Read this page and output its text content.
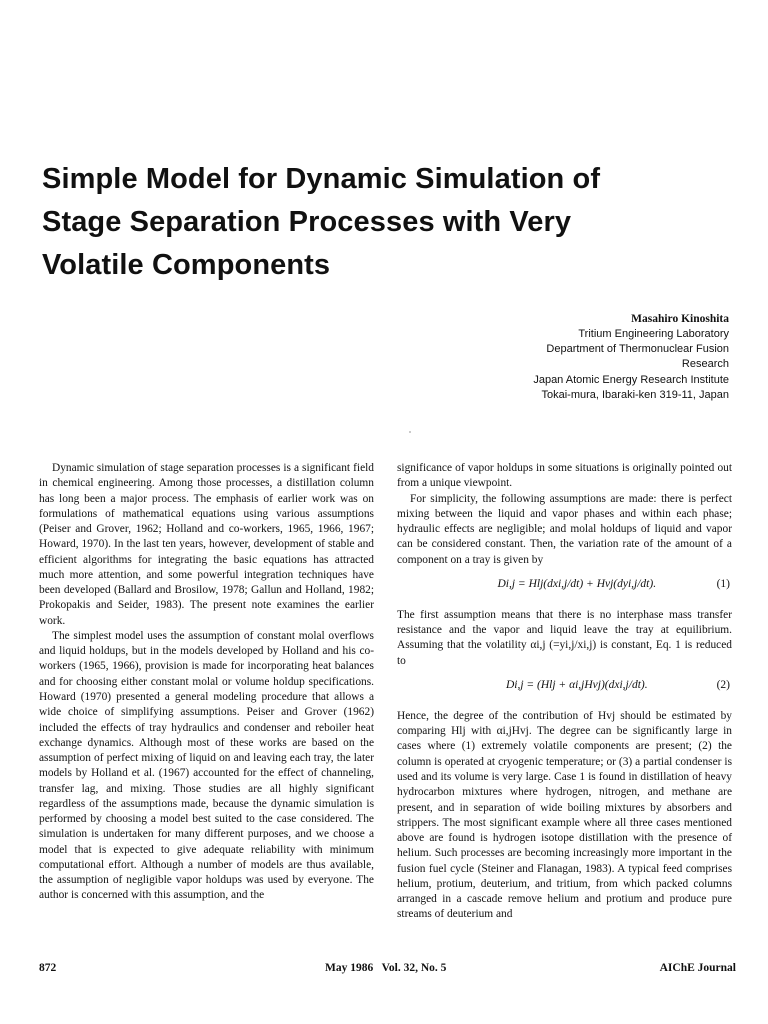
Simple Model for Dynamic Simulation of
Stage Separation Processes with Very
Volatile Components
Masahiro Kinoshita
Tritium Engineering Laboratory
Department of Thermonuclear Fusion
Research
Japan Atomic Energy Research Institute
Tokai-mura, Ibaraki-ken 319-11, Japan

Dynamic simulation of stage separation processes is a significant field in chemical engineering. Among those processes, a distillation column has long been a major process. The emphasis of earlier work was on formulations of mathematical equations using various assumptions (Peiser and Grover, 1962; Holland and co-workers, 1965, 1966, 1967; Howard, 1970). In the last ten years, however, development of stable and efficient algorithms for integrating the basic equations has attracted much more attention, and some powerful integration techniques have been developed (Ballard and Brosilow, 1978; Gallun and Holland, 1982; Prokopakis and Seider, 1983). The present note examines the earlier work.

The simplest model uses the assumption of constant molal overflows and liquid holdups, but in the models developed by Holland and his co-workers (1965, 1966), provision is made for incorporating heat balances and for choosing either constant molal or volume holdup specifications. Howard (1970) presented a general modeling procedure that allows a wide choice of simplifying assumptions. Peiser and Grover (1962) included the effects of tray hydraulics and condenser and reboiler heat exchange dynamics. Although most of these works are based on the assumption of perfect mixing of liquid on and leaving each tray, the later models by Holland et al. (1967) accounted for the effect of channeling, transfer lag, and mixing. Those studies are all highly significant regardless of the assumptions made, because the dynamic simulation is performed by choosing a model best suited to the case considered. The simulation is undertaken for many different purposes, and we choose a model that is expected to give adequate reliability with minimum computational effort. Although a number of models are thus available, the assumption of negligible vapor holdups was used by everyone. The author is concerned with this assumption, and the

significance of vapor holdups in some situations is originally pointed out from a unique viewpoint.

For simplicity, the following assumptions are made: there is perfect mixing between the liquid and vapor phases and within each phase; hydraulic effects are negligible; and molal holdups of liquid and vapor can be considered constant. Then, the variation rate of the amount of a component on a tray is given by

Di,j = Hlj(dxi,j/dt) + Hvj(dyi,j/dt).	(1)

The first assumption means that there is no interphase mass transfer resistance and the vapor and liquid leave the tray at equilibrium. Assuming that the volatility αi,j (=yi,j/xi,j) is constant, Eq. 1 is reduced to

Di,j = (Hlj + αi,jHvj)(dxi,j/dt).	(2)

Hence, the degree of the contribution of Hvj should be estimated by comparing Hlj with αi,jHvj. The degree can be significantly large in cases where (1) extremely volatile components are present; (2) the column is operated at cryogenic temperature; or (3) a partial condenser is used and its volume is very large. Case 1 is found in distillation of heavy hydrocarbon mixtures where hydrogen, nitrogen, and methane are present, and in separation of wide boiling mixtures by absorbers and strippers. The most significant example where all three cases mentioned above are found is hydrogen isotope distillation with the presence of helium. Such processes are becoming increasingly more important in the fusion fuel cycle (Steiner and Flanagan, 1983). A typical feed comprises helium, protium, deuterium, and tritium, from which packed columns arranged in a cascade remove helium and protium and produce pure streams of deuterium and

872	May 1986   Vol. 32, No. 5	AIChE Journal
